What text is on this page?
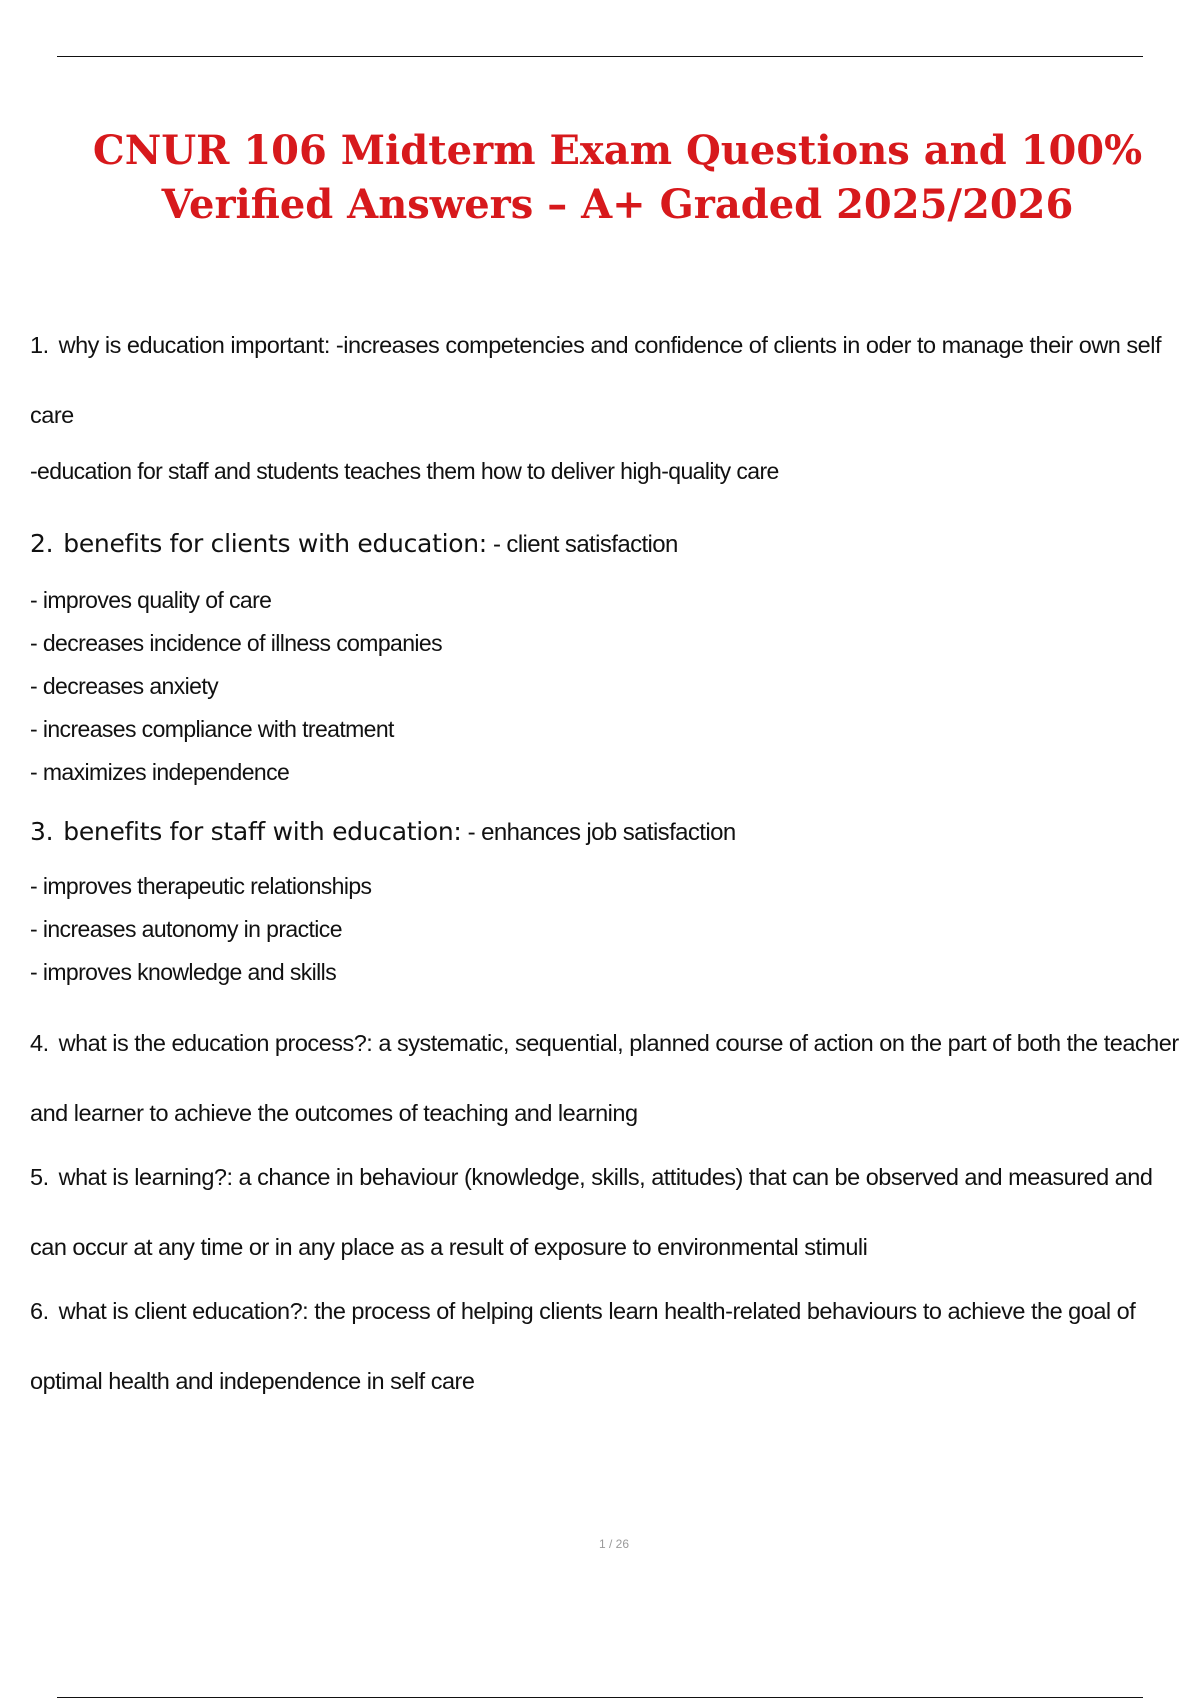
CNUR 106 Midterm Exam Questions and 100% Verified Answers – A+ Graded 2025/2026

1. why is education important: -increases competencies and confidence of clients in oder to manage their own self care

-education for staff and students teaches them how to deliver high-quality care

2. benefits for clients with education: - client satisfaction

- improves quality of care
- decreases incidence of illness companies
- decreases anxiety
- increases compliance with treatment
- maximizes independence

3. benefits for staff with education: - enhances job satisfaction

- improves therapeutic relationships
- increases autonomy in practice
- improves knowledge and skills

4. what is the education process?: a systematic, sequential, planned course of action on the part of both the teacher and learner to achieve the outcomes of teaching and learning

5. what is learning?: a chance in behaviour (knowledge, skills, attitudes) that can be observed and measured and can occur at any time or in any place as a result of exposure to environmental stimuli

6. what is client education?: the process of helping clients learn health-related behaviours to achieve the goal of optimal health and independence in self care

1 / 26
